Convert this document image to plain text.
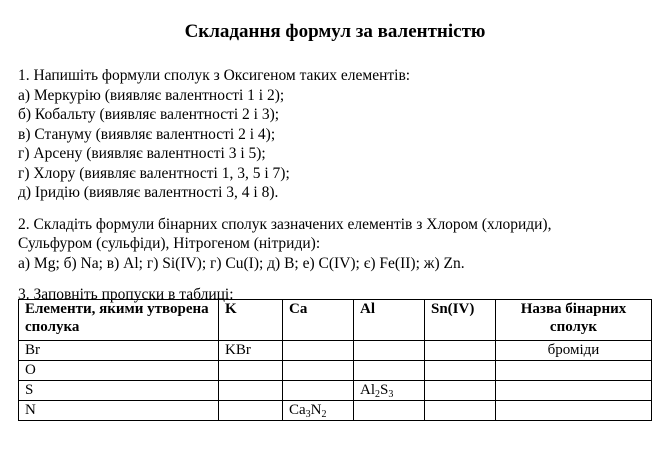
Складання формул за валентністю
1. Напишіть формули сполук з Оксигеном таких елементів:
а) Меркурію (виявляє валентності 1 і 2);
б) Кобальту (виявляє валентності 2 і 3);
в) Стануму (виявляє валентності 2 і 4);
г) Арсену (виявляє валентності 3 і 5);
г) Хлору (виявляє валентності 1, 3, 5 і 7);
д) Іридію (виявляє валентності 3, 4 і 8).
2. Складіть формули бінарних сполук зазначених елементів з Хлором (хлориди),
Сульфуром (сульфіди), Нітрогеном (нітриди):
а) Mg; б) Na; в) Al; г) Si(IV); г) Cu(I); д) B; е) C(IV); є) Fe(II); ж) Zn.
3. Заповніть пропуски в таблиці:
Елементи, якими утворена сполука	K	Ca	Al	Sn(IV)	Назва бінарних сполук
Br	KBr				броміди
O					
S			$Al_2S_3$		
N		$Ca_3N_2$			
